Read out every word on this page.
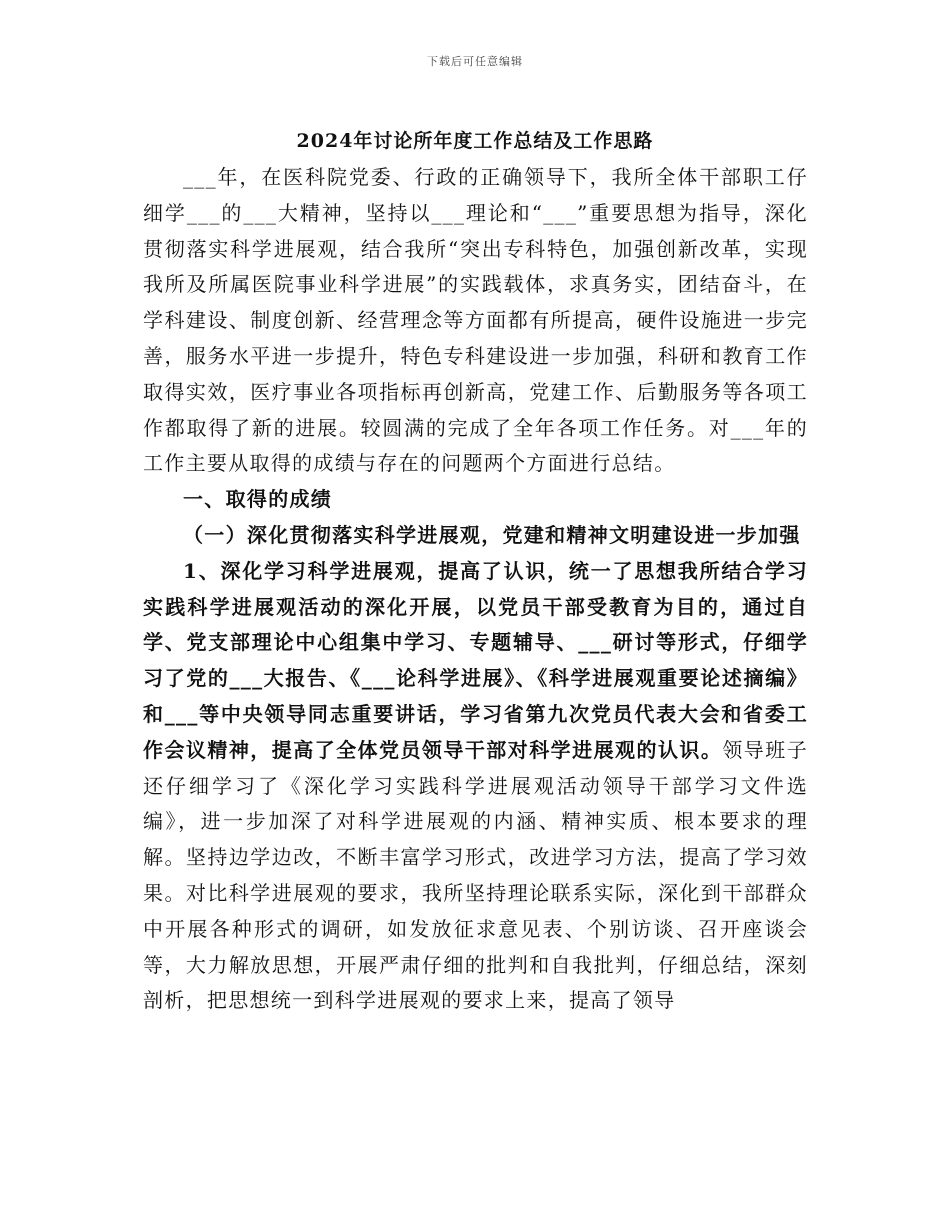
下载后可任意编辑
2024年讨论所年度工作总结及工作思路

___年，在医科院党委、行政的正确领导下，我所全体干部职工仔细学___的___大精神，坚持以___理论和“___”重要思想为指导，深化贯彻落实科学进展观，结合我所“突出专科特色，加强创新改革，实现我所及所属医院事业科学进展”的实践载体，求真务实，团结奋斗，在学科建设、制度创新、经营理念等方面都有所提高，硬件设施进一步完善，服务水平进一步提升，特色专科建设进一步加强，科研和教育工作取得实效，医疗事业各项指标再创新高，党建工作、后勤服务等各项工作都取得了新的进展。较圆满的完成了全年各项工作任务。对___年的工作主要从取得的成绩与存在的问题两个方面进行总结。

一、取得的成绩

（一）深化贯彻落实科学进展观，党建和精神文明建设进一步加强

1、深化学习科学进展观，提高了认识，统一了思想我所结合学习实践科学进展观活动的深化开展，以党员干部受教育为目的，通过自学、党支部理论中心组集中学习、专题辅导、___研讨等形式，仔细学习了党的___大报告、《___论科学进展》、《科学进展观重要论述摘编》和___等中央领导同志重要讲话，学习省第九次党员代表大会和省委工作会议精神，提高了全体党员领导干部对科学进展观的认识。领导班子还仔细学习了《深化学习实践科学进展观活动领导干部学习文件选编》，进一步加深了对科学进展观的内涵、精神实质、根本要求的理解。坚持边学边改，不断丰富学习形式，改进学习方法，提高了学习效果。对比科学进展观的要求，我所坚持理论联系实际，深化到干部群众中开展各种形式的调研，如发放征求意见表、个别访谈、召开座谈会等，大力解放思想，开展严肃仔细的批判和自我批判，仔细总结，深刻剖析，把思想统一到科学进展观的要求上来，提高了领导
